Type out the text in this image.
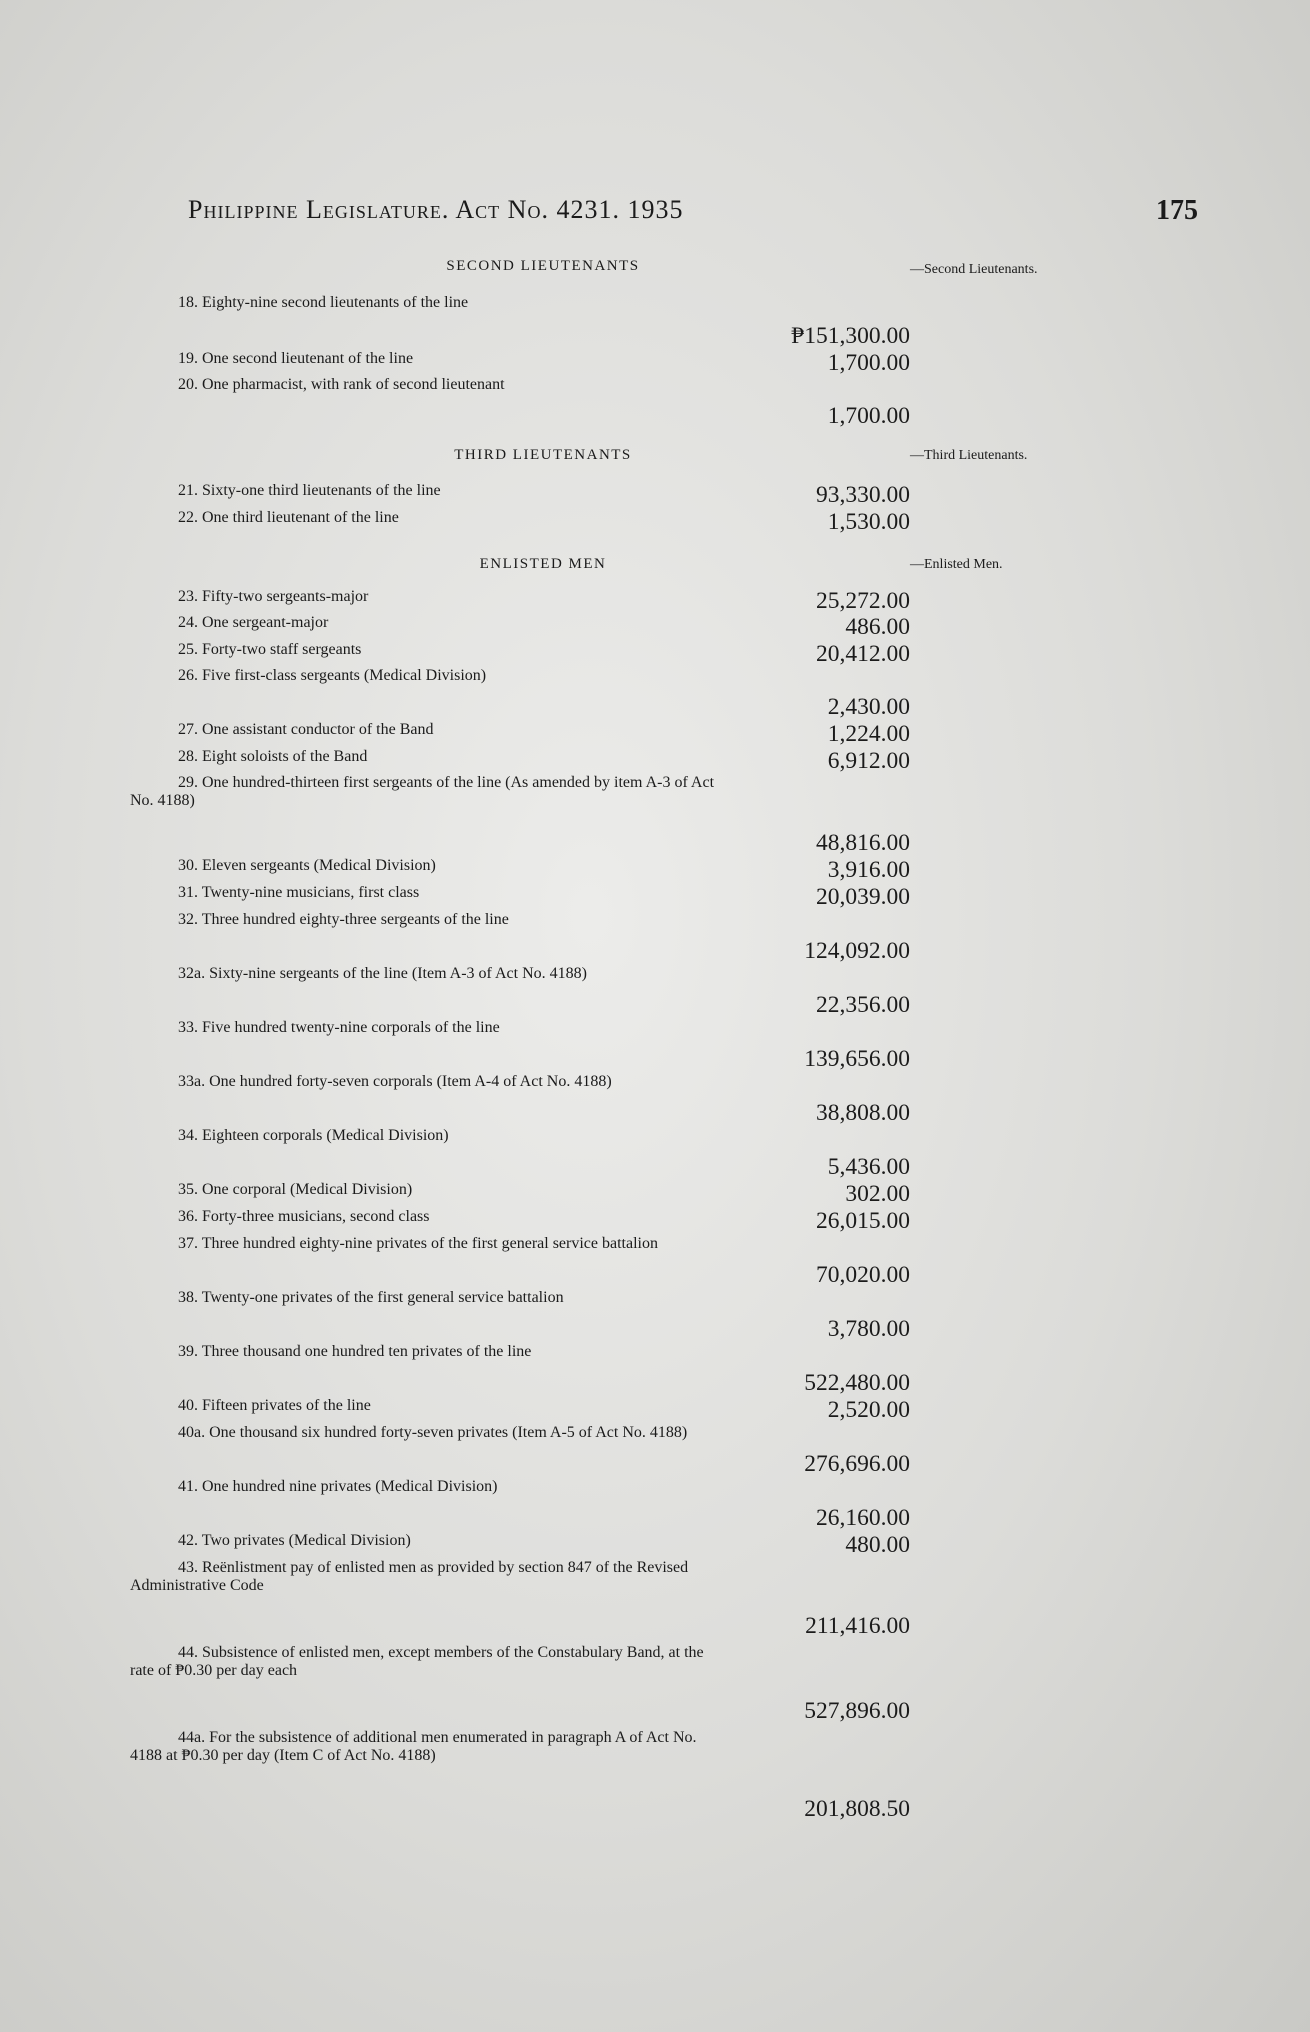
Philippine Legislature. Act No. 4231. 1935	175
SECOND LIEUTENANTS
THIRD LIEUTENANTS
ENLISTED MEN
—Second Lieutenants.
—Third Lieutenants.
—Enlisted Men.
18. Eighty-nine second lieutenants of the line
₱151,300.00
19. One second lieutenant of the line	1,700.00
20. One pharmacist, with rank of second lieutenant
1,700.00
21. Sixty-one third lieutenants of the line	93,330.00
22. One third lieutenant of the line	1,530.00
23. Fifty-two sergeants-major	25,272.00
24. One sergeant-major	486.00
25. Forty-two staff sergeants	20,412.00
26. Five first-class sergeants (Medical Division)
2,430.00
27. One assistant conductor of the Band	1,224.00
28. Eight soloists of the Band	6,912.00
29. One hundred-thirteen first sergeants of the line (As amended by item A-3 of Act No. 4188)
48,816.00
30. Eleven sergeants (Medical Division)	3,916.00
31. Twenty-nine musicians, first class	20,039.00
32. Three hundred eighty-three sergeants of the line
124,092.00
32a. Sixty-nine sergeants of the line (Item A-3 of Act No. 4188)
22,356.00
33. Five hundred twenty-nine corporals of the line
139,656.00
33a. One hundred forty-seven corporals (Item A-4 of Act No. 4188)
38,808.00
34. Eighteen corporals (Medical Division)
5,436.00
35. One corporal (Medical Division)	302.00
36. Forty-three musicians, second class	26,015.00
37. Three hundred eighty-nine privates of the first general service battalion
70,020.00
38. Twenty-one privates of the first general service battalion
3,780.00
39. Three thousand one hundred ten privates of the line
522,480.00
40. Fifteen privates of the line	2,520.00
40a. One thousand six hundred forty-seven privates (Item A-5 of Act No. 4188)
276,696.00
41. One hundred nine privates (Medical Division)
26,160.00
42. Two privates (Medical Division)	480.00
43. Reënlistment pay of enlisted men as provided by section 847 of the Revised Administrative Code
211,416.00
44. Subsistence of enlisted men, except members of the Constabulary Band, at the rate of ₱0.30 per day each
527,896.00
44a. For the subsistence of additional men enumerated in paragraph A of Act No. 4188 at ₱0.30 per day (Item C of Act No. 4188)
201,808.50
